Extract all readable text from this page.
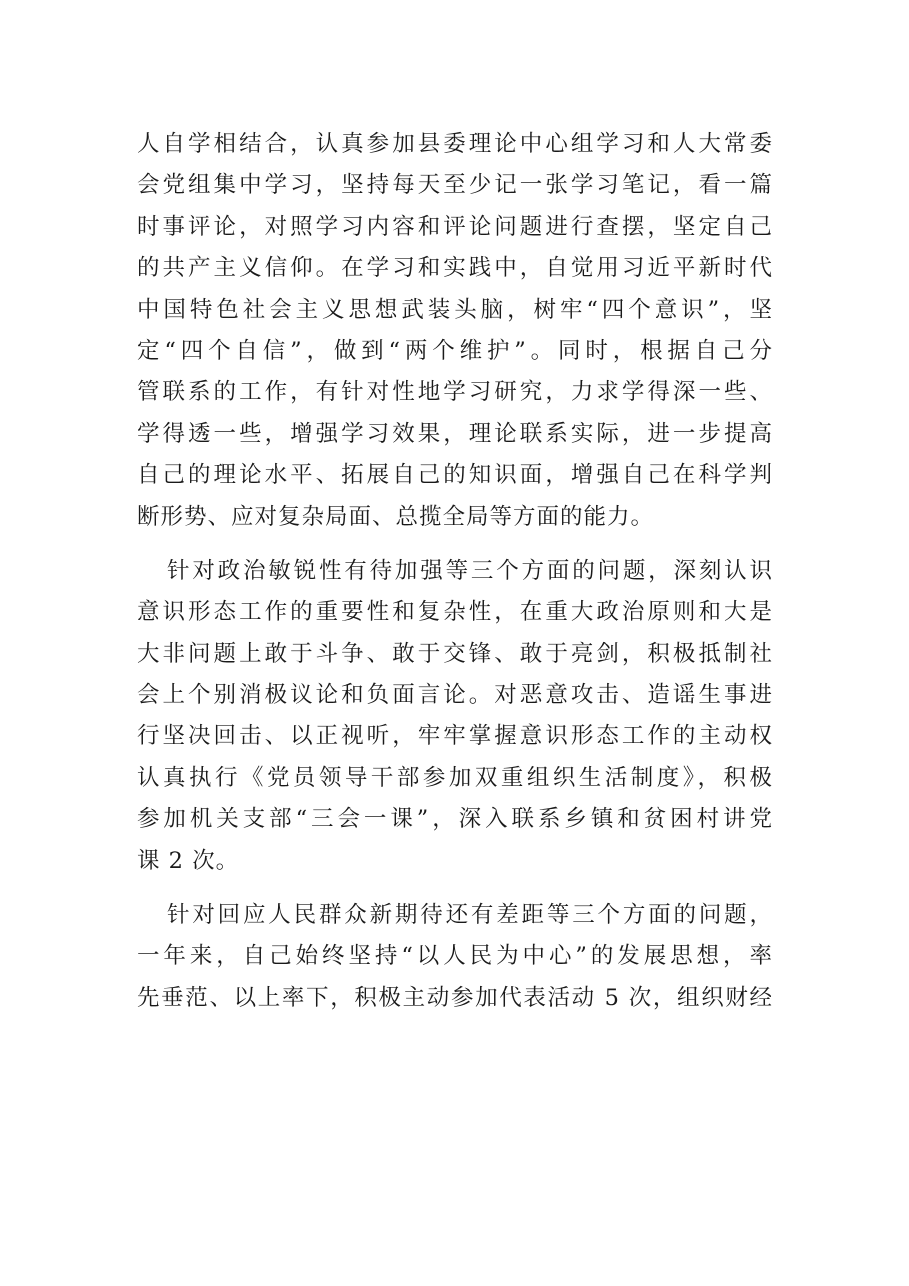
人自学相结合，认真参加县委理论中心组学习和人大常委
会党组集中学习，坚持每天至少记一张学习笔记，看一篇
时事评论，对照学习内容和评论问题进行查摆，坚定自己
的共产主义信仰。在学习和实践中，自觉用习近平新时代
中国特色社会主义思想武装头脑，树牢“四个意识”，坚
定“四个自信”，做到“两个维护”。同时，根据自己分
管联系的工作，有针对性地学习研究，力求学得深一些、
学得透一些，增强学习效果，理论联系实际，进一步提高
自己的理论水平、拓展自己的知识面，增强自己在科学判
断形势、应对复杂局面、总揽全局等方面的能力。

针对政治敏锐性有待加强等三个方面的问题，深刻认识
意识形态工作的重要性和复杂性，在重大政治原则和大是
大非问题上敢于斗争、敢于交锋、敢于亮剑，积极抵制社
会上个别消极议论和负面言论。对恶意攻击、造谣生事进
行坚决回击、以正视听，牢牢掌握意识形态工作的主动权
认真执行《党员领导干部参加双重组织生活制度》，积极
参加机关支部“三会一课”，深入联系乡镇和贫困村讲党
课 2 次。

针对回应人民群众新期待还有差距等三个方面的问题，
一年来，自己始终坚持“以人民为中心”的发展思想，率
先垂范、以上率下，积极主动参加代表活动 5 次，组织财经
